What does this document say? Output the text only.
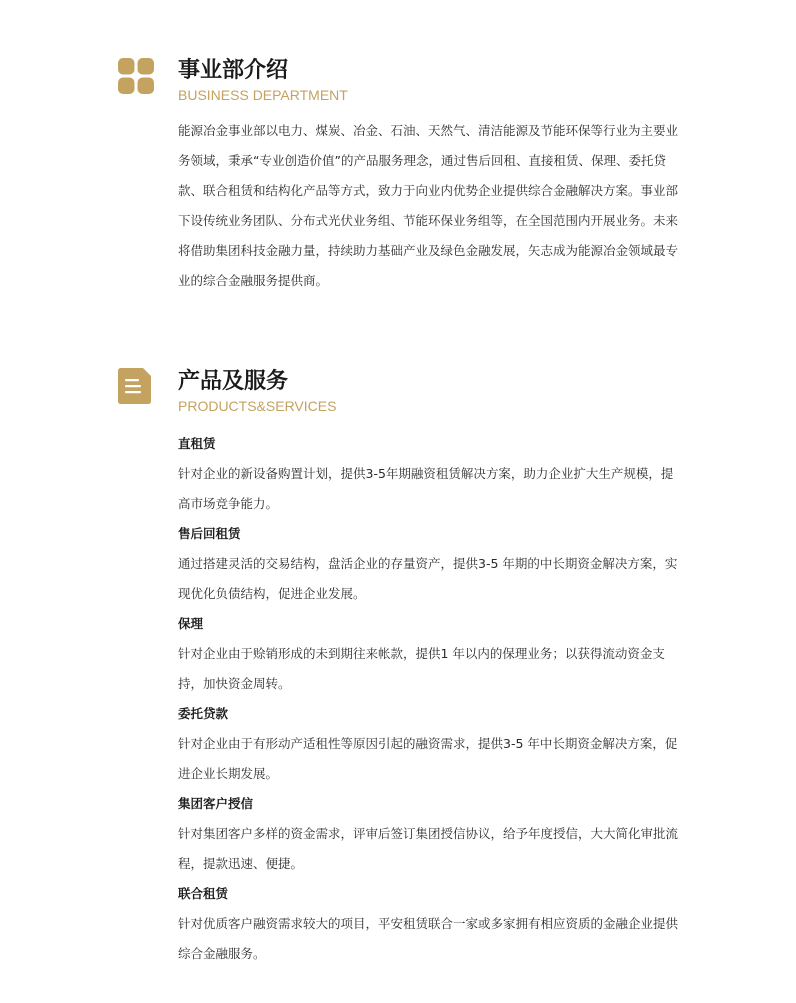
事业部介绍
BUSINESS DEPARTMENT

能源冶金事业部以电力、煤炭、冶金、石油、天然气、清洁能源及节能环保等行业为主要业务领域，秉承“专业创造价值”的产品服务理念，通过售后回租、直接租赁、保理、委托贷款、联合租赁和结构化产品等方式，致力于向业内优势企业提供综合金融解决方案。事业部下设传统业务团队、分布式光伏业务组、节能环保业务组等，在全国范围内开展业务。未来将借助集团科技金融力量，持续助力基础产业及绿色金融发展，矢志成为能源冶金领域最专业的综合金融服务提供商。

产品及服务
PRODUCTS&SERVICES
直租赁
针对企业的新设备购置计划，提供3-5年期融资租赁解决方案，助力企业扩大生产规模，提高市场竞争能力。
售后回租赁
通过搭建灵活的交易结构，盘活企业的存量资产，提供3-5 年期的中长期资金解决方案，实现优化负债结构，促进企业发展。
保理
针对企业由于赊销形成的未到期往来帐款，提供1 年以内的保理业务；以获得流动资金支持，加快资金周转。
委托贷款
针对企业由于有形动产适租性等原因引起的融资需求，提供3-5 年中长期资金解决方案，促进企业长期发展。
集团客户授信
针对集团客户多样的资金需求，评审后签订集团授信协议，给予年度授信，大大简化审批流程，提款迅速、便捷。
联合租赁
针对优质客户融资需求较大的项目，平安租赁联合一家或多家拥有相应资质的金融企业提供综合金融服务。
